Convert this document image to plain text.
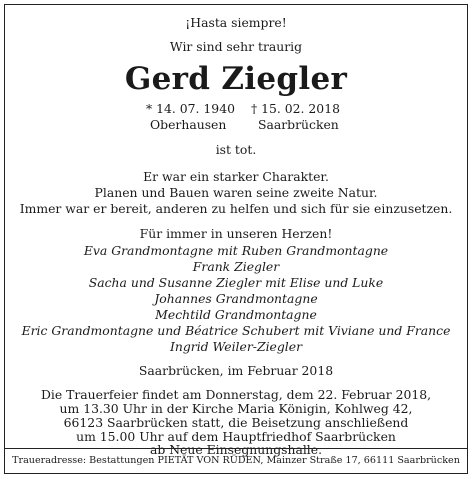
¡Hasta siempre!
Wir sind sehr traurig
Gerd Ziegler
* 14. 07. 1940 † 15. 02. 2018
Oberhausen	Saarbrücken
ist tot.
Er war ein starker Charakter.
Planen und Bauen waren seine zweite Natur.
Immer war er bereit, anderen zu helfen und sich für sie einzusetzen.
Für immer in unseren Herzen!
Eva Grandmontagne mit Ruben Grandmontagne
Frank Ziegler
Sacha und Susanne Ziegler mit Elise und Luke
Johannes Grandmontagne
Mechtild Grandmontagne
Eric Grandmontagne und Béatrice Schubert mit Viviane und France
Ingrid Weiler-Ziegler
Saarbrücken, im Februar 2018
Die Trauerfeier findet am Donnerstag, dem 22. Februar 2018,
um 13.30 Uhr in der Kirche Maria Königin, Kohlweg 42,
66123 Saarbrücken statt, die Beisetzung anschließend
um 15.00 Uhr auf dem Hauptfriedhof Saarbrücken
ab Neue Einsegnungshalle.
Traueradresse: Bestattungen PIETÄT VON RÜDEN, Mainzer Straße 17, 66111 Saarbrücken
